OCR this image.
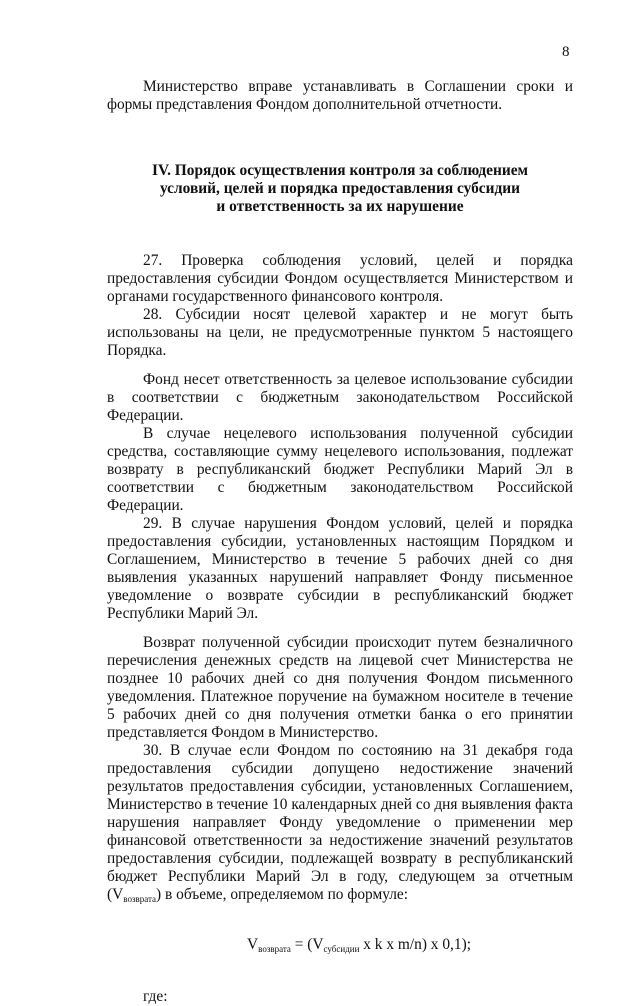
8

Министерство вправе устанавливать в Соглашении сроки и формы представления Фондом дополнительной отчетности.

IV. Порядок осуществления контроля за соблюдением
условий, целей и порядка предоставления субсидии
и ответственность за их нарушение

27. Проверка соблюдения условий, целей и порядка предоставления субсидии Фондом осуществляется Министерством и органами государственного финансового контроля.

28. Субсидии носят целевой характер и не могут быть использованы на цели, не предусмотренные пунктом 5 настоящего Порядка.

Фонд несет ответственность за целевое использование субсидии в соответствии с бюджетным законодательством Российской Федерации.

В случае нецелевого использования полученной субсидии средства, составляющие сумму нецелевого использования, подлежат возврату в республиканский бюджет Республики Марий Эл в соответствии с бюджетным законодательством Российской Федерации.

29. В случае нарушения Фондом условий, целей и порядка предоставления субсидии, установленных настоящим Порядком и Соглашением, Министерство в течение 5 рабочих дней со дня выявления указанных нарушений направляет Фонду письменное уведомление о возврате субсидии в республиканский бюджет Республики Марий Эл.

Возврат полученной субсидии происходит путем безналичного перечисления денежных средств на лицевой счет Министерства не позднее 10 рабочих дней со дня получения Фондом письменного уведомления. Платежное поручение на бумажном носителе в течение 5 рабочих дней со дня получения отметки банка о его принятии представляется Фондом в Министерство.

30. В случае если Фондом по состоянию на 31 декабря года предоставления субсидии допущено недостижение значений результатов предоставления субсидии, установленных Соглашением, Министерство в течение 10 календарных дней со дня выявления факта нарушения направляет Фонду уведомление о применении мер финансовой ответственности за недостижение значений результатов предоставления субсидии, подлежащей возврату в республиканский бюджет Республики Марий Эл в году, следующем за отчетным $(V_{возврата})$ в объеме, определяемом по формуле:

$V_{возврата} = (V_{субсидии}$ x k x m/n) x 0,1);

где:
